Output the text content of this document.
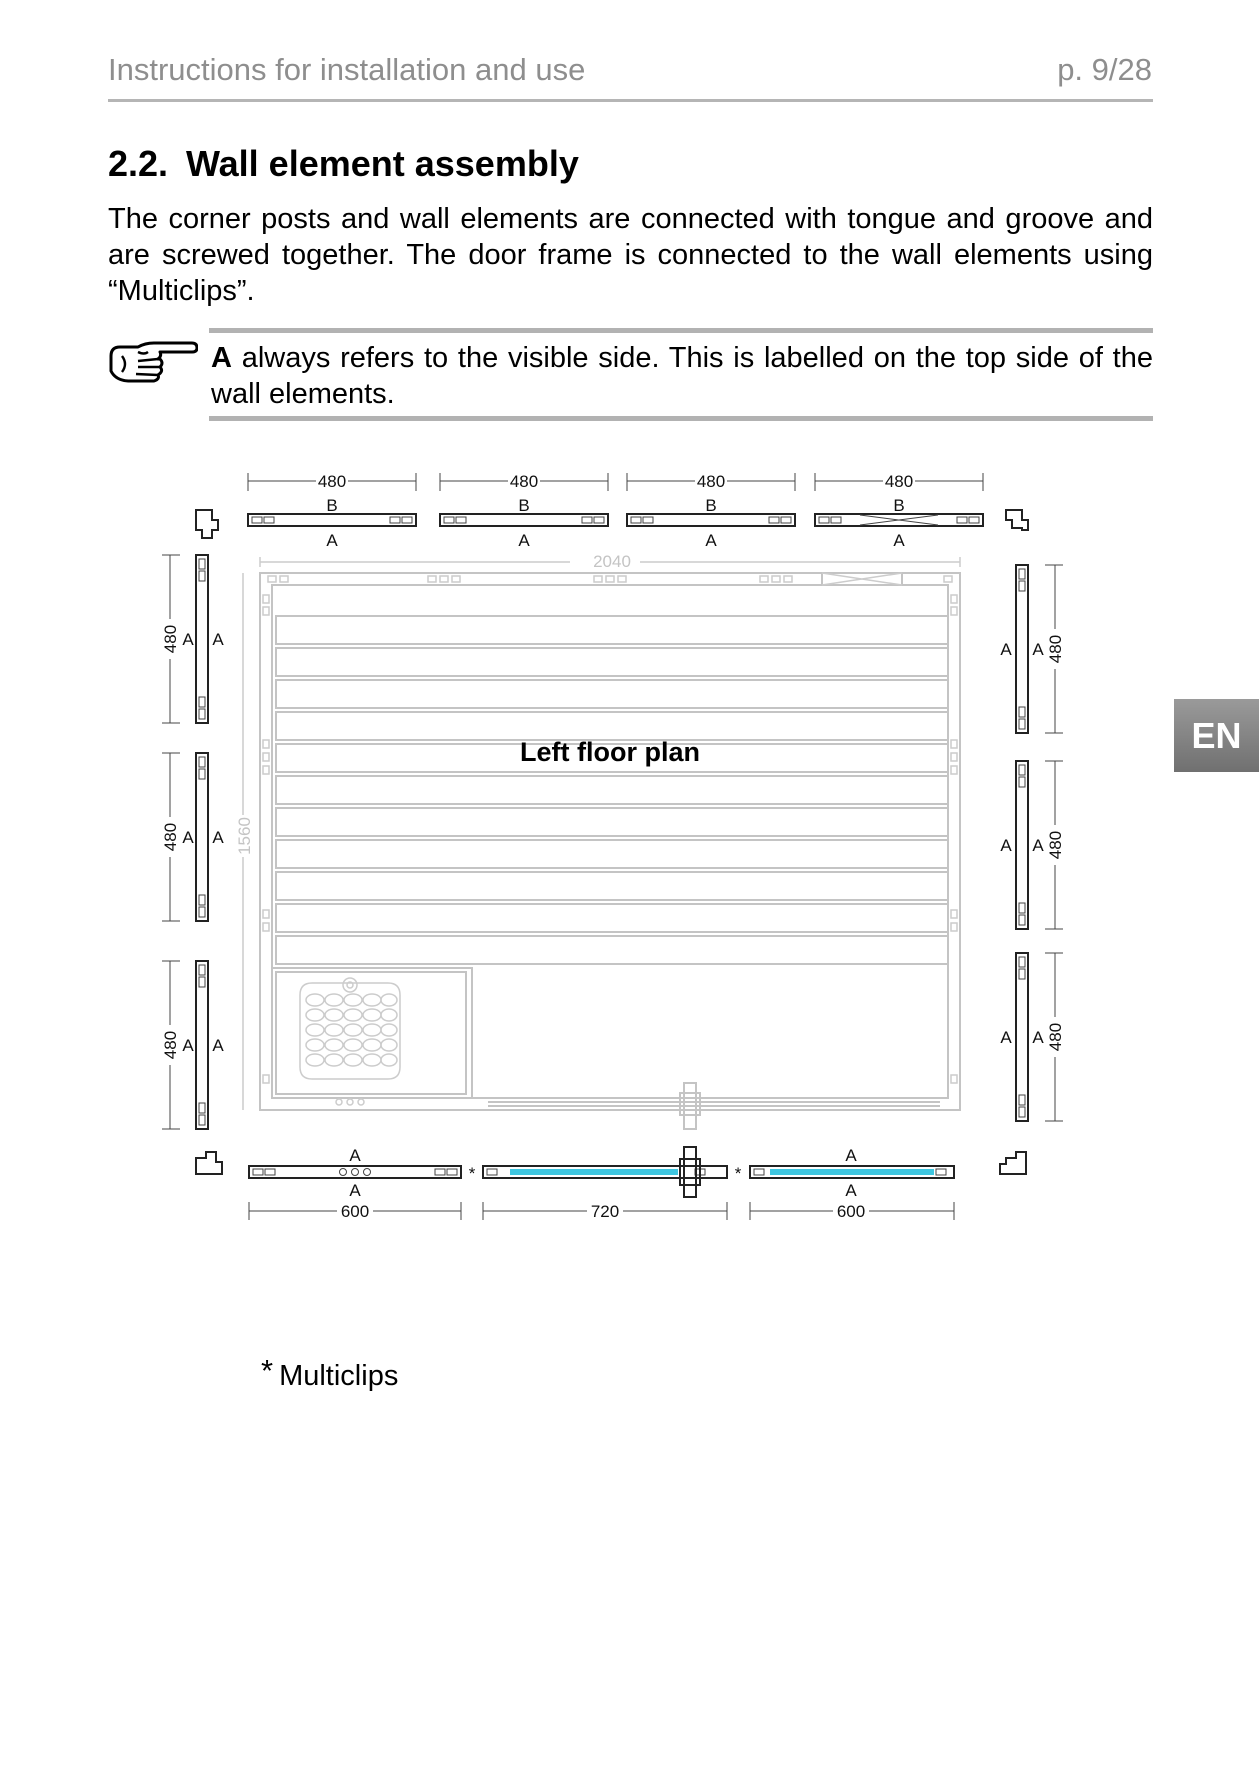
Instructions for installation and use	p. 9/28
2.2. Wall element assembly

The corner posts and wall elements are connected with tongue and groove and are screwed together. The door frame is connected to the wall elements using “Multiclips”.

A always refers to the visible side. This is labelled on the top side of the wall elements.

EN
480
B
A
480
B
A
480
B
A
480
B
A
480 A A
480 A A
480 A A
A A 480
A A 480
A A 480
2040
1560
Left floor plan
A
A
600
*
720
*
A
A
600
* Multiclips
